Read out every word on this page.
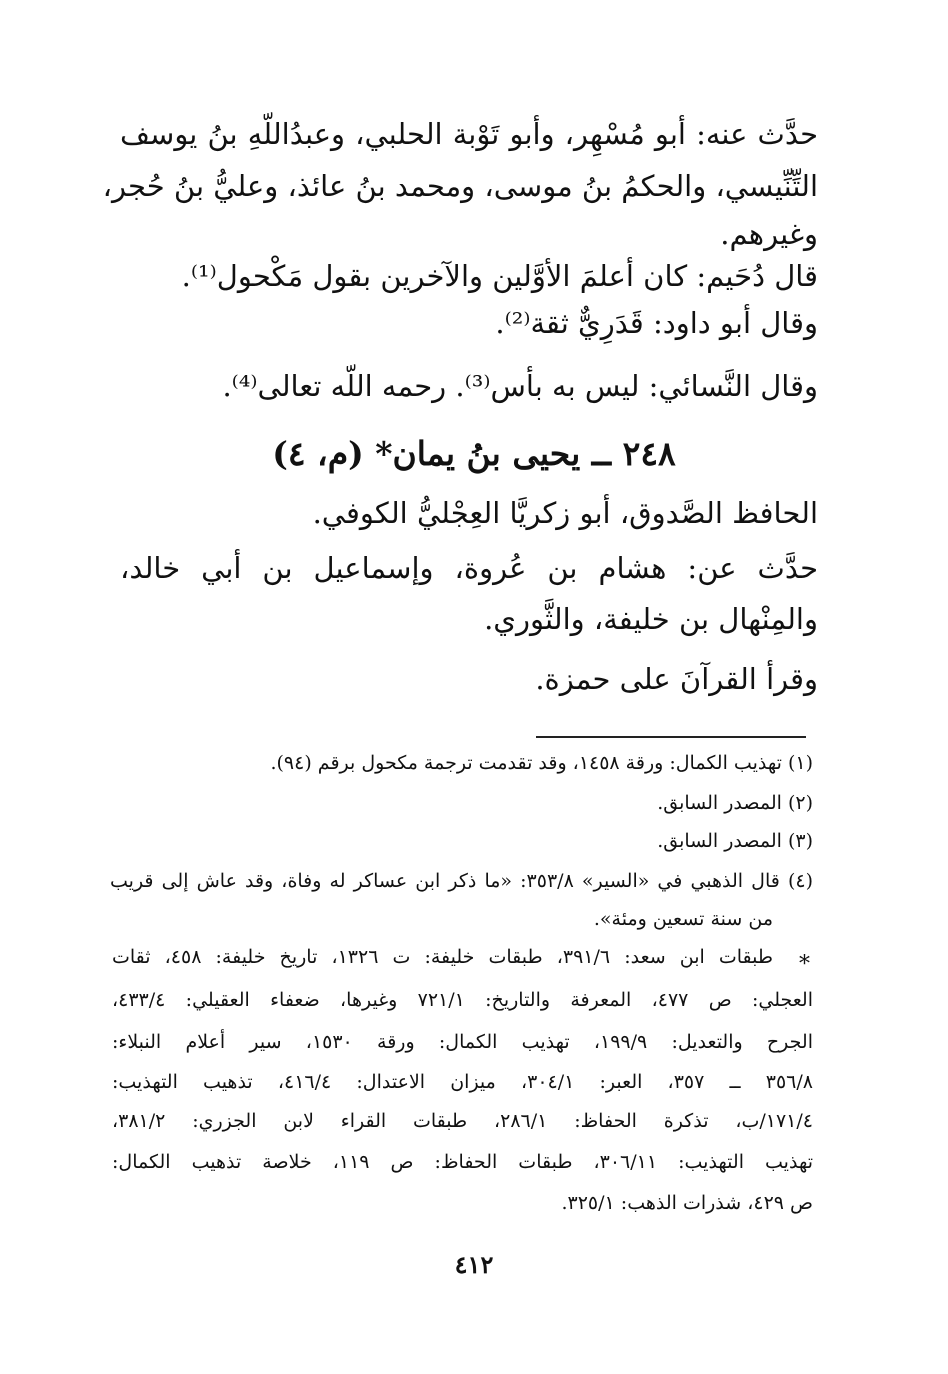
حدَّث عنه: أبو مُسْهِر، وأبو تَوْبة الحلبي، وعبدُاللّهِ بنُ يوسف
التِّنِّيسي، والحكمُ بنُ موسى، ومحمد بنُ عائذ، وعليُّ بنُ حُجر،
وغيرهم.
قال دُحَيم: كان أعلمَ الأوَّلين والآخرين بقول مَكْحول⁽¹⁾.
وقال أبو داود: قَدَرِيٌّ ثقة⁽²⁾.
وقال النَّسائي: ليس به بأس⁽³⁾. رحمه اللّه تعالى⁽⁴⁾.
٢٤٨ ــ يحيى بنُ يمان* (م، ٤)
الحافظ الصَّدوق، أبو زكريَّا العِجْليُّ الكوفي.
حدَّث عن: هشام بن عُروة، وإسماعيل بن أبي خالد،
والمِنْهال بن خليفة، والثَّوري.
وقرأ القرآنَ على حمزة.
(١) تهذيب الكمال: ورقة ١٤٥٨، وقد تقدمت ترجمة مكحول برقم (٩٤).
(٢) المصدر السابق.
(٣) المصدر السابق.
(٤) قال الذهبي في «السير» ٣٥٣/٨: «ما ذكر ابن عساكر له وفاة، وقد عاش إلى قريب
من سنة تسعين ومئة».
*
طبقات ابن سعد: ٣٩١/٦، طبقات خليفة: ت ١٣٢٦، تاريخ خليفة: ٤٥٨، ثقات
العجلي: ص ٤٧٧، المعرفة والتاريخ: ٧٢١/١ وغيرها، ضعفاء العقيلي: ٤٣٣/٤،
الجرح والتعديل: ١٩٩/٩، تهذيب الكمال: ورقة ١٥٣٠، سير أعلام النبلاء:
٣٥٦/٨ ــ ٣٥٧، العبر: ٣٠٤/١، ميزان الاعتدال: ٤١٦/٤، تذهيب التهذيب:
١٧١/٤/ب، تذكرة الحفاظ: ٢٨٦/١، طبقات القراء لابن الجزري: ٣٨١/٢،
تهذيب التهذيب: ٣٠٦/١١، طبقات الحفاظ: ص ١١٩، خلاصة تذهيب الكمال:
ص ٤٢٩، شذرات الذهب: ٣٢٥/١.
٤١٢
